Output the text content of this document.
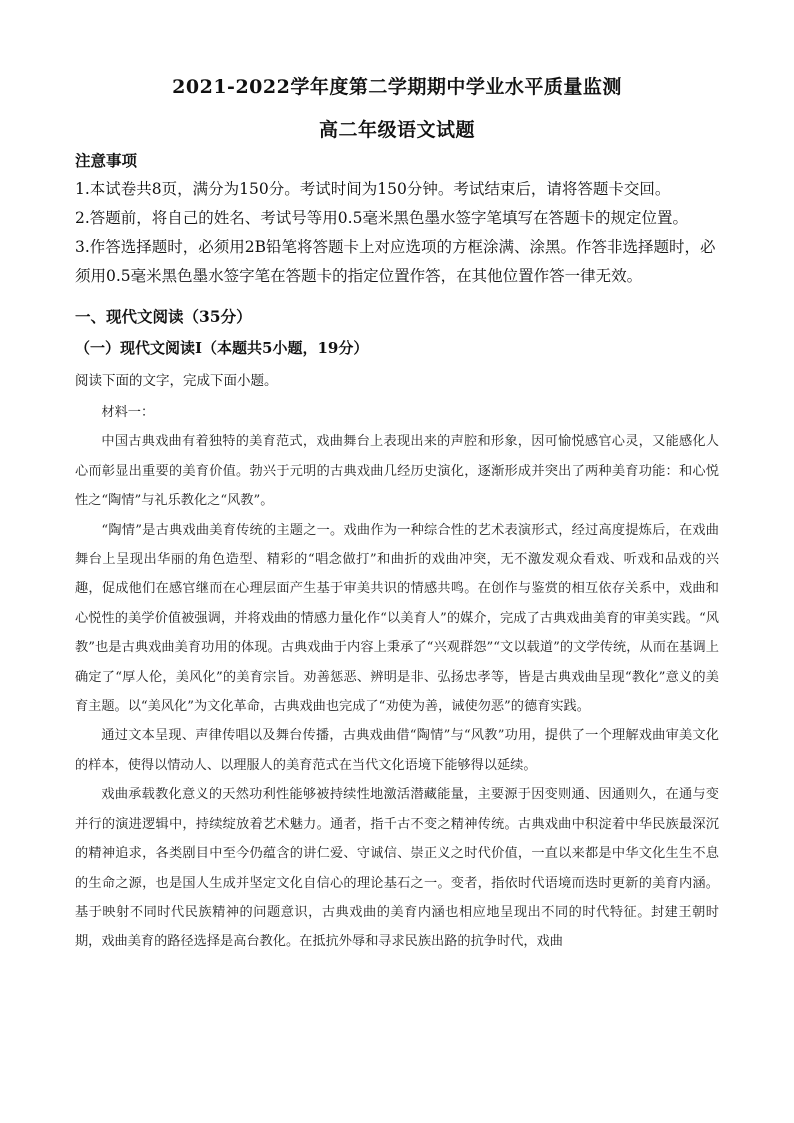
2021-2022学年度第二学期期中学业水平质量监测
高二年级语文试题
注意事项
1.本试卷共8页，满分为150分。考试时间为150分钟。考试结束后，请将答题卡交回。
2.答题前，将自己的姓名、考试号等用0.5毫米黑色墨水签字笔填写在答题卡的规定位置。
3.作答选择题时，必须用2B铅笔将答题卡上对应选项的方框涂满、涂黑。作答非选择题时，必须用0.5毫米黑色墨水签字笔在答题卡的指定位置作答，在其他位置作答一律无效。
一、现代文阅读（35分）
（一）现代文阅读Ⅰ（本题共5小题，19分）
阅读下面的文字，完成下面小题。

材料一：

中国古典戏曲有着独特的美育范式，戏曲舞台上表现出来的声腔和形象，因可愉悦感官心灵，又能感化人心而彰显出重要的美育价值。勃兴于元明的古典戏曲几经历史演化，逐渐形成并突出了两种美育功能：和心悦性之“陶情”与礼乐教化之“风教”。

“陶情”是古典戏曲美育传统的主题之一。戏曲作为一种综合性的艺术表演形式，经过高度提炼后，在戏曲舞台上呈现出华丽的角色造型、精彩的“唱念做打”和曲折的戏曲冲突，无不激发观众看戏、听戏和品戏的兴趣，促成他们在感官继而在心理层面产生基于审美共识的情感共鸣。在创作与鉴赏的相互依存关系中，戏曲和心悦性的美学价值被强调，并将戏曲的情感力量化作“以美育人”的媒介，完成了古典戏曲美育的审美实践。“风教”也是古典戏曲美育功用的体现。古典戏曲于内容上秉承了“兴观群怨”“文以载道”的文学传统，从而在基调上确定了“厚人伦，美风化”的美育宗旨。劝善惩恶、辨明是非、弘扬忠孝等，皆是古典戏曲呈现“教化”意义的美育主题。以“美风化”为文化革命，古典戏曲也完成了“劝使为善，诫使勿恶”的德育实践。

通过文本呈现、声律传唱以及舞台传播，古典戏曲借“陶情”与“风教”功用，提供了一个理解戏曲审美文化的样本，使得以情动人、以理服人的美育范式在当代文化语境下能够得以延续。

戏曲承载教化意义的天然功利性能够被持续性地激活潜藏能量，主要源于因变则通、因通则久，在通与变并行的演进逻辑中，持续绽放着艺术魅力。通者，指千古不变之精神传统。古典戏曲中积淀着中华民族最深沉的精神追求，各类剧目中至今仍蕴含的讲仁爱、守诚信、崇正义之时代价值，一直以来都是中华文化生生不息的生命之源，也是国人生成并坚定文化自信心的理论基石之一。变者，指依时代语境而迭时更新的美育内涵。基于映射不同时代民族精神的问题意识，古典戏曲的美育内涵也相应地呈现出不同的时代特征。封建王朝时期，戏曲美育的路径选择是高台教化。在抵抗外辱和寻求民族出路的抗争时代，戏曲
